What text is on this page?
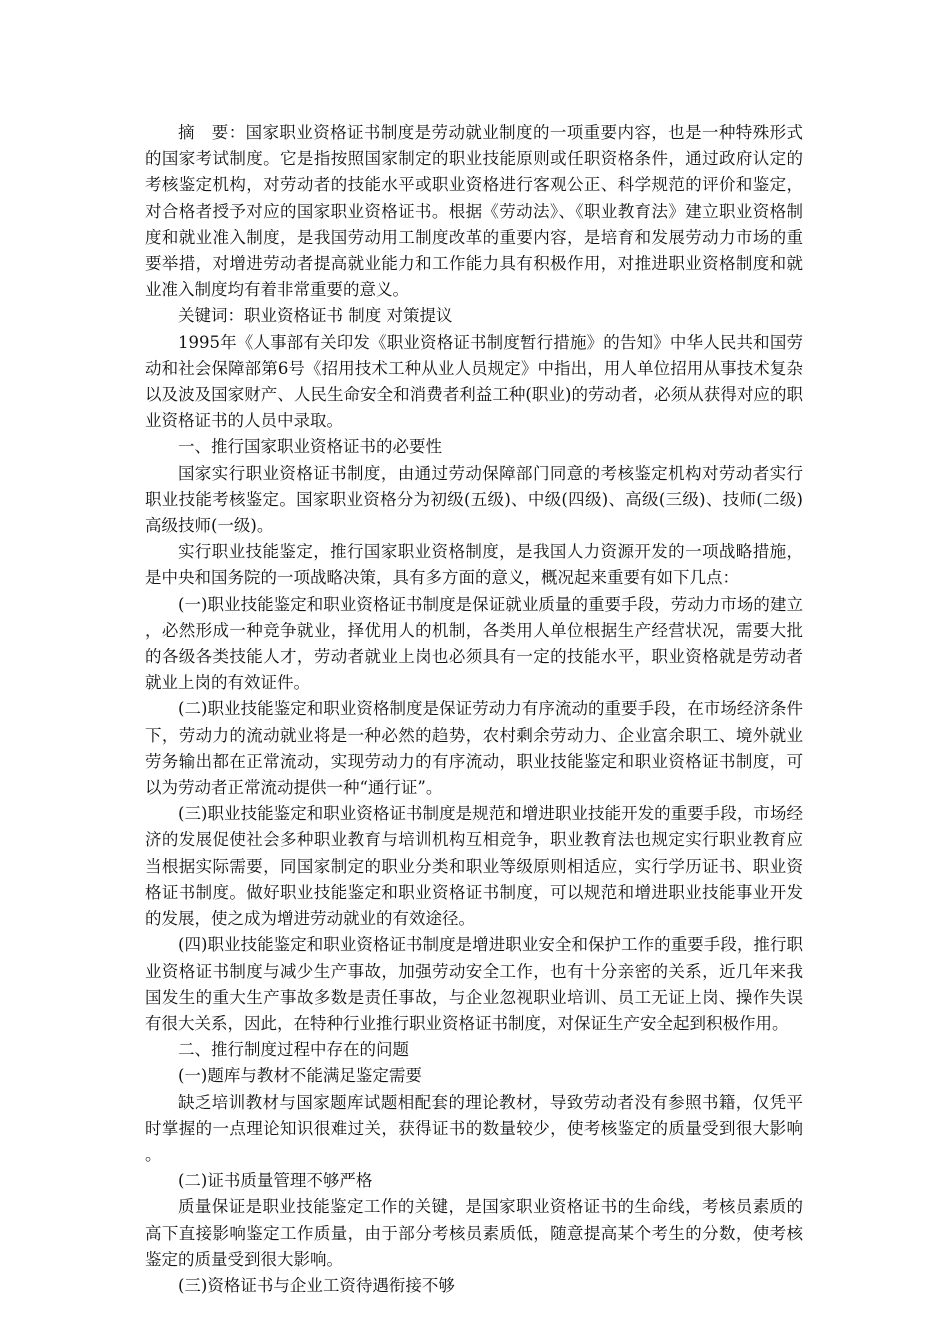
摘　要：国家职业资格证书制度是劳动就业制度的一项重要内容，也是一种特殊形式的国家考试制度。它是指按照国家制定的职业技能原则或任职资格条件，通过政府认定的考核鉴定机构，对劳动者的技能水平或职业资格进行客观公正、科学规范的评价和鉴定，对合格者授予对应的国家职业资格证书。根据《劳动法》、《职业教育法》建立职业资格制度和就业准入制度，是我国劳动用工制度改革的重要内容，是培育和发展劳动力市场的重要举措，对增进劳动者提高就业能力和工作能力具有积极作用，对推进职业资格制度和就业准入制度均有着非常重要的意义。

关键词：职业资格证书 制度 对策提议

1995年《人事部有关印发《职业资格证书制度暂行措施》的告知》中华人民共和国劳动和社会保障部第6号《招用技术工种从业人员规定》中指出，用人单位招用从事技术复杂以及波及国家财产、人民生命安全和消费者利益工种(职业)的劳动者，必须从获得对应的职业资格证书的人员中录取。

一、推行国家职业资格证书的必要性

国家实行职业资格证书制度，由通过劳动保障部门同意的考核鉴定机构对劳动者实行职业技能考核鉴定。国家职业资格分为初级(五级)、中级(四级)、高级(三级)、技师(二级)高级技师(一级)。

实行职业技能鉴定，推行国家职业资格制度，是我国人力资源开发的一项战略措施，是中央和国务院的一项战略决策，具有多方面的意义，概况起来重要有如下几点：

(一)职业技能鉴定和职业资格证书制度是保证就业质量的重要手段，劳动力市场的建立，必然形成一种竞争就业，择优用人的机制，各类用人单位根据生产经营状况，需要大批的各级各类技能人才，劳动者就业上岗也必须具有一定的技能水平，职业资格就是劳动者就业上岗的有效证件。

(二)职业技能鉴定和职业资格制度是保证劳动力有序流动的重要手段，在市场经济条件下，劳动力的流动就业将是一种必然的趋势，农村剩余劳动力、企业富余职工、境外就业劳务输出都在正常流动，实现劳动力的有序流动，职业技能鉴定和职业资格证书制度，可以为劳动者正常流动提供一种“通行证”。

(三)职业技能鉴定和职业资格证书制度是规范和增进职业技能开发的重要手段，市场经济的发展促使社会多种职业教育与培训机构互相竞争，职业教育法也规定实行职业教育应当根据实际需要，同国家制定的职业分类和职业等级原则相适应，实行学历证书、职业资格证书制度。做好职业技能鉴定和职业资格证书制度，可以规范和增进职业技能事业开发的发展，使之成为增进劳动就业的有效途径。

(四)职业技能鉴定和职业资格证书制度是增进职业安全和保护工作的重要手段，推行职业资格证书制度与减少生产事故，加强劳动安全工作，也有十分亲密的关系，近几年来我国发生的重大生产事故多数是责任事故，与企业忽视职业培训、员工无证上岗、操作失误有很大关系，因此，在特种行业推行职业资格证书制度，对保证生产安全起到积极作用。

二、推行制度过程中存在的问题

(一)题库与教材不能满足鉴定需要

缺乏培训教材与国家题库试题相配套的理论教材，导致劳动者没有参照书籍，仅凭平时掌握的一点理论知识很难过关，获得证书的数量较少，使考核鉴定的质量受到很大影响。

(二)证书质量管理不够严格

质量保证是职业技能鉴定工作的关键，是国家职业资格证书的生命线，考核员素质的高下直接影响鉴定工作质量，由于部分考核员素质低，随意提高某个考生的分数，使考核鉴定的质量受到很大影响。

(三)资格证书与企业工资待遇衔接不够
